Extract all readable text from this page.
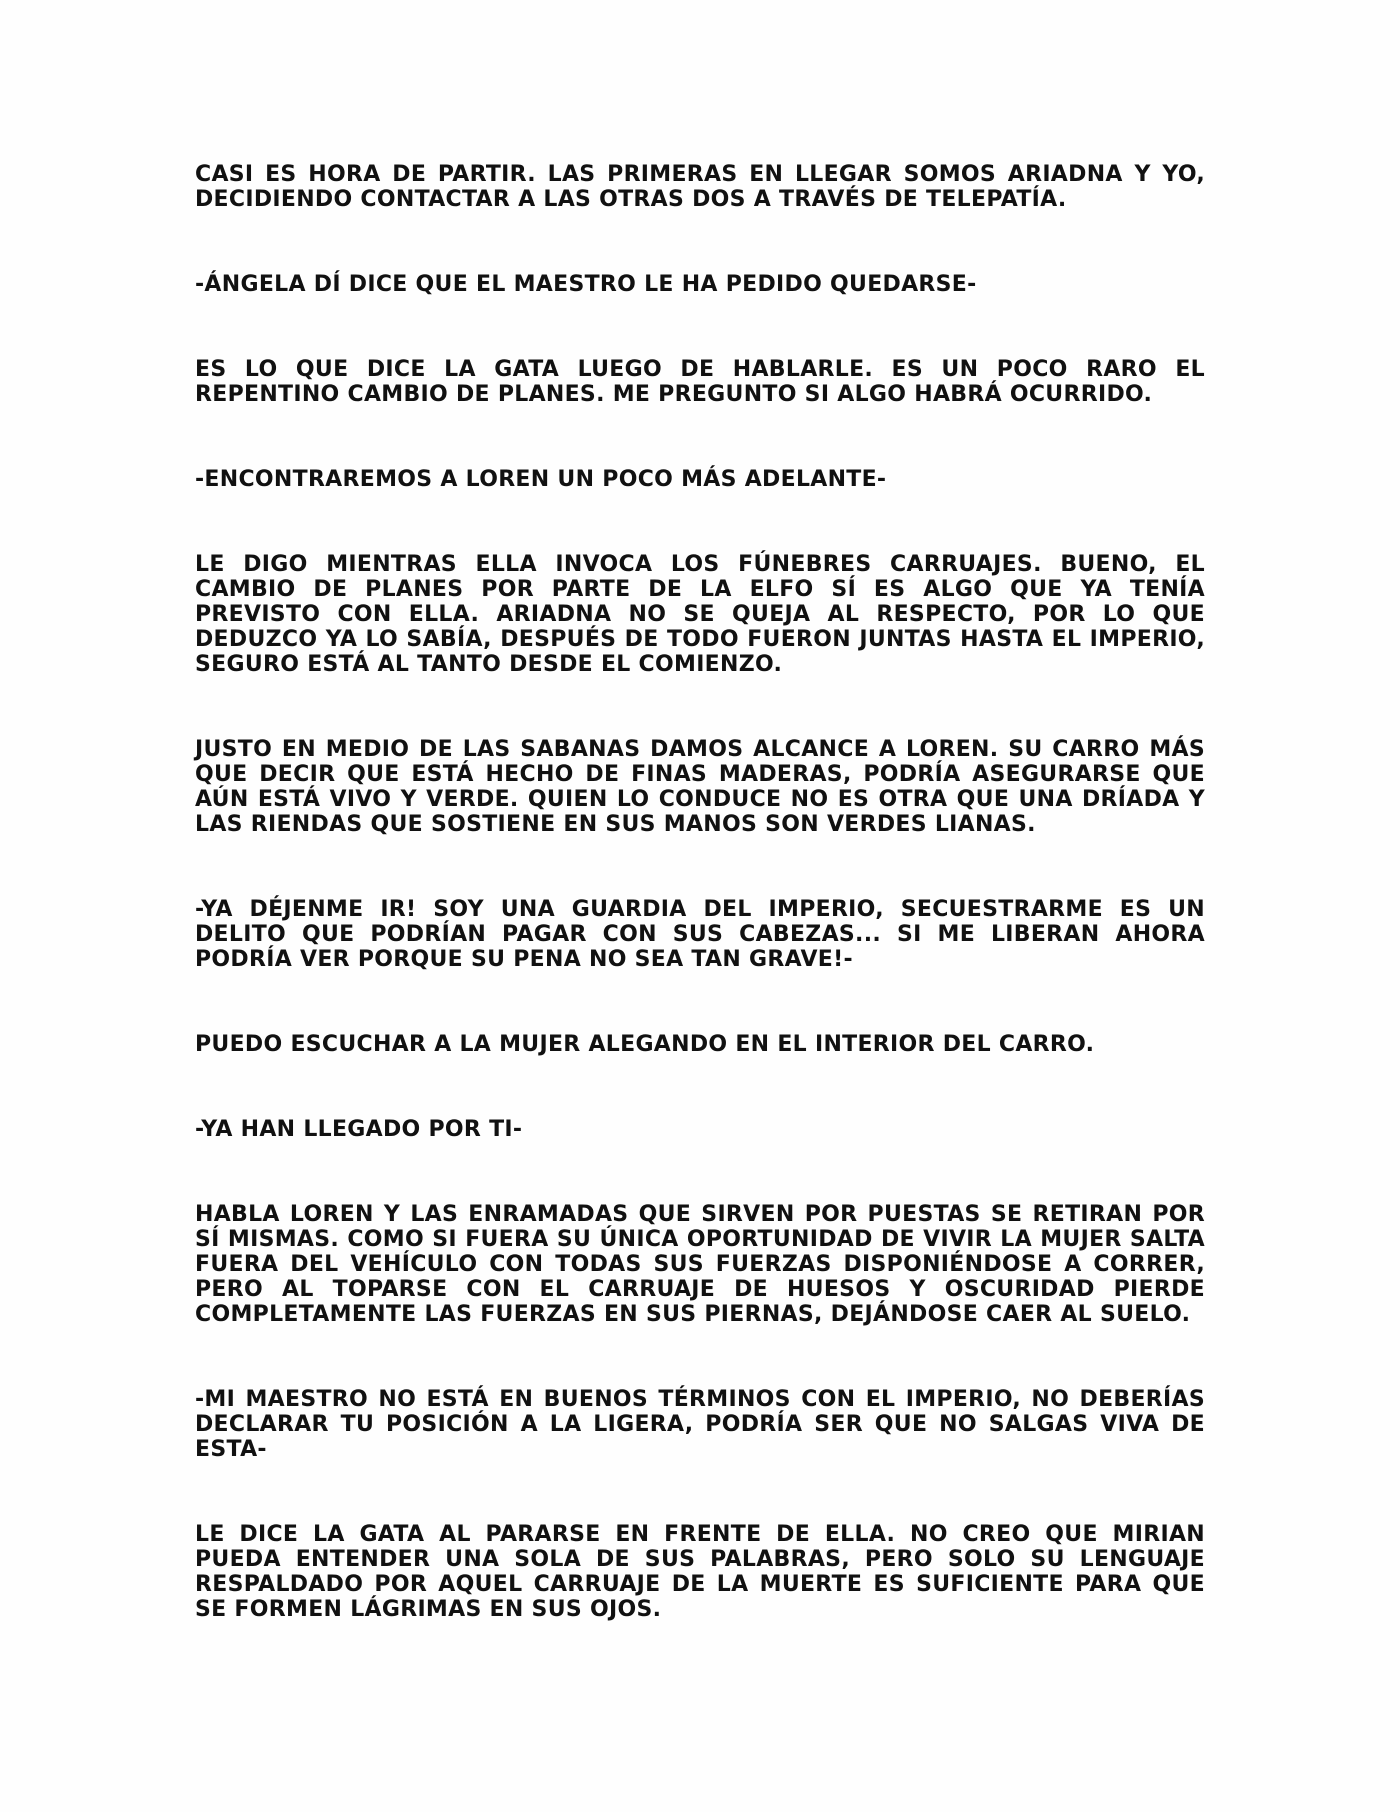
CASI ES HORA DE PARTIR. LAS PRIMERAS EN LLEGAR SOMOS ARIADNA Y YO, DECIDIENDO CONTACTAR A LAS OTRAS DOS A TRAVÉS DE TELEPATÍA.

-ÁNGELA DÍ DICE QUE EL MAESTRO LE HA PEDIDO QUEDARSE-

ES LO QUE DICE LA GATA LUEGO DE HABLARLE. ES UN POCO RARO EL REPENTINO CAMBIO DE PLANES. ME PREGUNTO SI ALGO HABRÁ OCURRIDO.

-ENCONTRAREMOS A LOREN UN POCO MÁS ADELANTE-

LE DIGO MIENTRAS ELLA INVOCA LOS FÚNEBRES CARRUAJES. BUENO, EL CAMBIO DE PLANES POR PARTE DE LA ELFO SÍ ES ALGO QUE YA TENÍA PREVISTO CON ELLA. ARIADNA NO SE QUEJA AL RESPECTO, POR LO QUE DEDUZCO YA LO SABÍA, DESPUÉS DE TODO FUERON JUNTAS HASTA EL IMPERIO, SEGURO ESTÁ AL TANTO DESDE EL COMIENZO.

JUSTO EN MEDIO DE LAS SABANAS DAMOS ALCANCE A LOREN. SU CARRO MÁS QUE DECIR QUE ESTÁ HECHO DE FINAS MADERAS, PODRÍA ASEGURARSE QUE AÚN ESTÁ VIVO Y VERDE. QUIEN LO CONDUCE NO ES OTRA QUE UNA DRÍADA Y LAS RIENDAS QUE SOSTIENE EN SUS MANOS SON VERDES LIANAS.

-YA DÉJENME IR! SOY UNA GUARDIA DEL IMPERIO, SECUESTRARME ES UN DELITO QUE PODRÍAN PAGAR CON SUS CABEZAS... SI ME LIBERAN AHORA PODRÍA VER PORQUE SU PENA NO SEA TAN GRAVE!-

PUEDO ESCUCHAR A LA MUJER ALEGANDO EN EL INTERIOR DEL CARRO.

-YA HAN LLEGADO POR TI-

HABLA LOREN Y LAS ENRAMADAS QUE SIRVEN POR PUESTAS SE RETIRAN POR SÍ MISMAS. COMO SI FUERA SU ÚNICA OPORTUNIDAD DE VIVIR LA MUJER SALTA FUERA DEL VEHÍCULO CON TODAS SUS FUERZAS DISPONIÉNDOSE A CORRER, PERO AL TOPARSE CON EL CARRUAJE DE HUESOS Y OSCURIDAD PIERDE COMPLETAMENTE LAS FUERZAS EN SUS PIERNAS, DEJÁNDOSE CAER AL SUELO.

-MI MAESTRO NO ESTÁ EN BUENOS TÉRMINOS CON EL IMPERIO, NO DEBERÍAS DECLARAR TU POSICIÓN A LA LIGERA, PODRÍA SER QUE NO SALGAS VIVA DE ESTA-

LE DICE LA GATA AL PARARSE EN FRENTE DE ELLA. NO CREO QUE MIRIAN PUEDA ENTENDER UNA SOLA DE SUS PALABRAS, PERO SOLO SU LENGUAJE RESPALDADO POR AQUEL CARRUAJE DE LA MUERTE ES SUFICIENTE PARA QUE SE FORMEN LÁGRIMAS EN SUS OJOS.
